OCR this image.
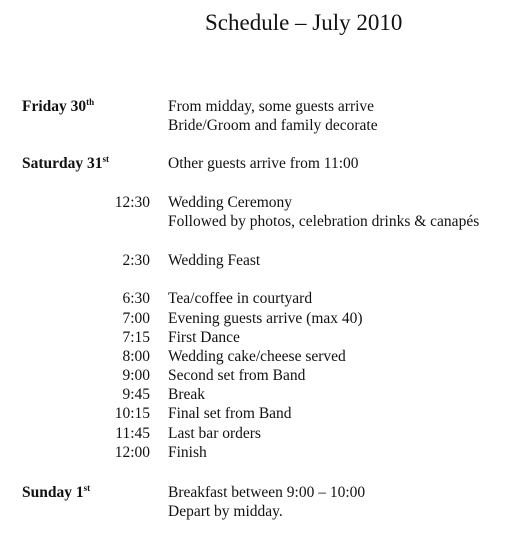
Schedule – July 2010
Friday 30th	From midday, some guests arrive
Bride/Groom and family decorate
Saturday 31st	Other guests arrive from 11:00
12:30 Wedding Ceremony
Followed by photos, celebration drinks & canapés
2:30 Wedding Feast
6:30 Tea/coffee in courtyard
7:00 Evening guests arrive (max 40)
7:15 First Dance
8:00 Wedding cake/cheese served
9:00 Second set from Band
9:45 Break
10:15 Final set from Band
11:45 Last bar orders
12:00 Finish
Sunday 1st	Breakfast between 9:00 – 10:00
Depart by midday.
